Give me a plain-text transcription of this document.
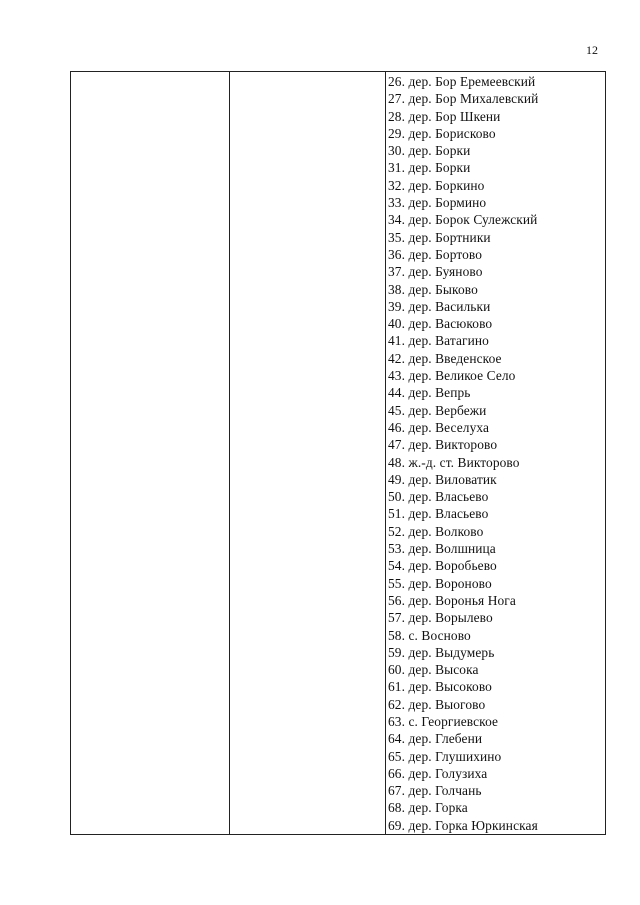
12
26. дер. Бор Еремеевский
27. дер. Бор Михалевский
28. дер. Бор Шкени
29. дер. Борисково
30. дер. Борки
31. дер. Борки
32. дер. Боркино
33. дер. Бормино
34. дер. Борок Сулежский
35. дер. Бортники
36. дер. Бортово
37. дер. Буяново
38. дер. Быково
39. дер. Васильки
40. дер. Васюково
41. дер. Ватагино
42. дер. Введенское
43. дер. Великое Село
44. дер. Вепрь
45. дер. Вербежи
46. дер. Веселуха
47. дер. Викторово
48. ж.-д. ст. Викторово
49. дер. Виловатик
50. дер. Власьево
51. дер. Власьево
52. дер. Волково
53. дер. Волшница
54. дер. Воробьево
55. дер. Вороново
56. дер. Воронья Нога
57. дер. Ворылево
58. с. Восново
59. дер. Выдумерь
60. дер. Высока
61. дер. Высоково
62. дер. Выогово
63. с. Георгиевское
64. дер. Глебени
65. дер. Глушихино
66. дер. Голузиха
67. дер. Голчань
68. дер. Горка
69. дер. Горка Юркинская
